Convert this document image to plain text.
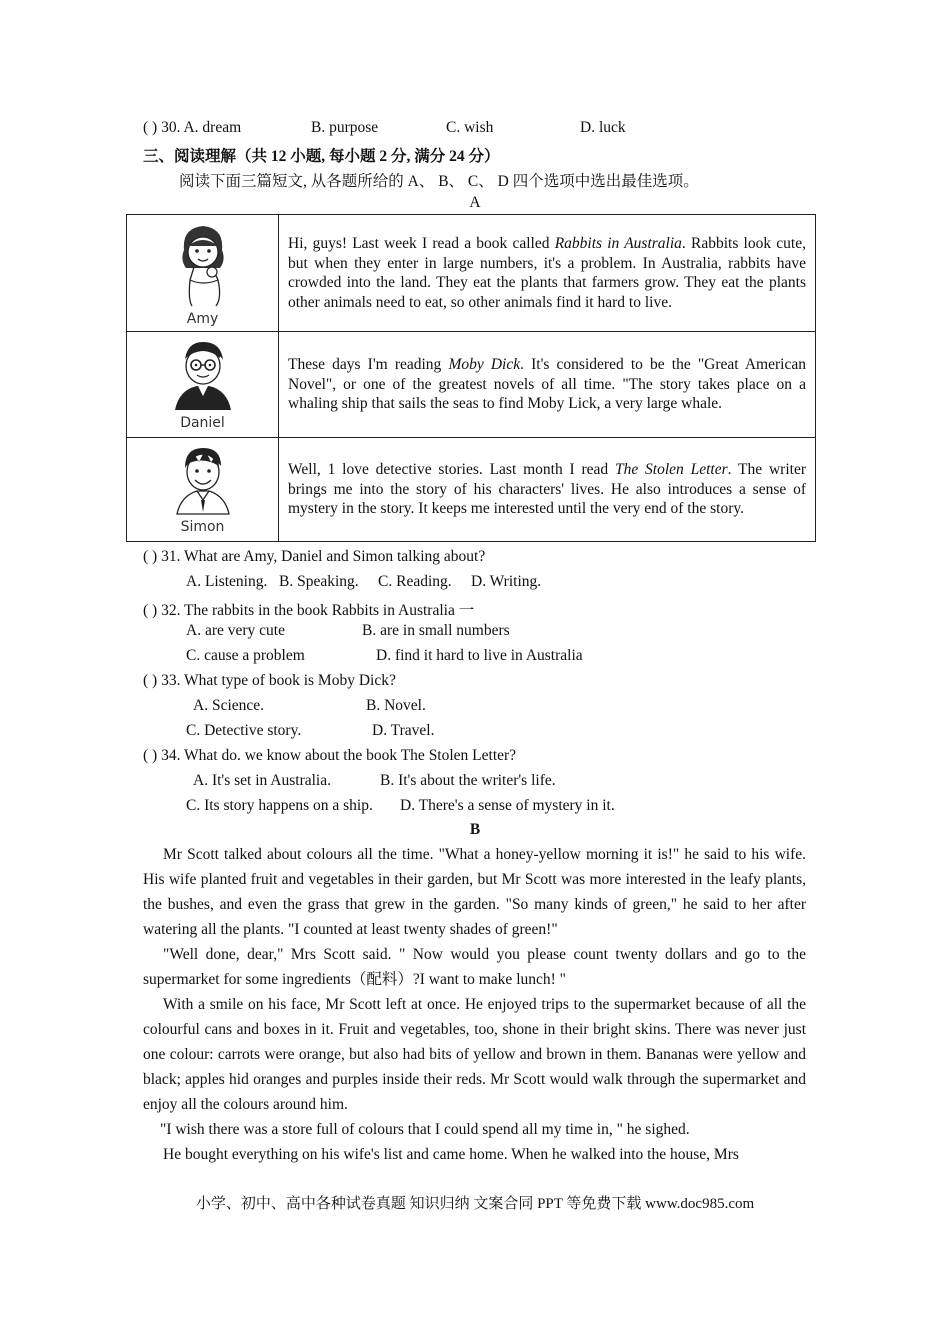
( ) 30. A. dream	B. purpose	C. wish	D. luck
三、阅读理解（共 12 小题, 每小题 2 分, 满分 24 分）
阅读下面三篇短文, 从各题所给的 A、 B、 C、 D 四个选项中选出最佳选项。
A
Amy	Hi, guys! Last week I read a book called Rabbits in Australia. Rabbits look cute, but when they enter in large numbers, it's a problem. In Australia, rabbits have crowded into the land. They eat the plants that farmers grow. They eat the plants other animals need to eat, so other animals find it hard to live.

Daniel	These days I'm reading Moby Dick. It's considered to be the "Great American Novel", or one of the greatest novels of all time. "The story takes place on a whaling ship that sails the seas to find Moby Lick, a very large whale.

Simon	Well, 1 love detective stories. Last month I read The Stolen Letter. The writer brings me into the story of his characters' lives. He also introduces a sense of mystery in the story. It keeps me interested until the very end of the story.
( ) 31. What are Amy, Daniel and Simon talking about?
A. Listening.   B. Speaking.     C. Reading.     D. Writing.
( ) 32. The rabbits in the book Rabbits in Australia 一
A. are very cute	B. are in small numbers
C. cause a problem	D. find it hard to live in Australia
( ) 33. What type of book is Moby Dick?
A. Science.	B. Novel.
C. Detective story.	D. Travel.
( ) 34. What do. we know about the book The Stolen Letter?
A. It's set in Australia.	B. It's about the writer's life.
C. Its story happens on a ship. D. There's a sense of mystery in it.
B
Mr Scott talked about colours all the time. "What a honey-yellow morning it is!" he said to his wife. His wife planted fruit and vegetables in their garden, but Mr Scott was more interested in the leafy plants, the bushes, and even the grass that grew in the garden. "So many kinds of green," he said to her after watering all the plants. "I counted at least twenty shades of green!"
"Well done, dear," Mrs Scott said. " Now would you please count twenty dollars and go to the supermarket for some ingredients（配料）?I want to make lunch! "
With a smile on his face, Mr Scott left at once. He enjoyed trips to the supermarket because of all the colourful cans and boxes in it. Fruit and vegetables, too, shone in their bright skins. There was never just one colour: carrots were orange, but also had bits of yellow and brown in them. Bananas were yellow and black; apples hid oranges and purples inside their reds. Mr Scott would walk through the supermarket and enjoy all the colours around him.
"I wish there was a store full of colours that I could spend all my time in, " he sighed.
He bought everything on his wife's list and came home. When he walked into the house, Mrs
小学、初中、高中各种试卷真题 知识归纳 文案合同 PPT 等免费下载 www.doc985.com
